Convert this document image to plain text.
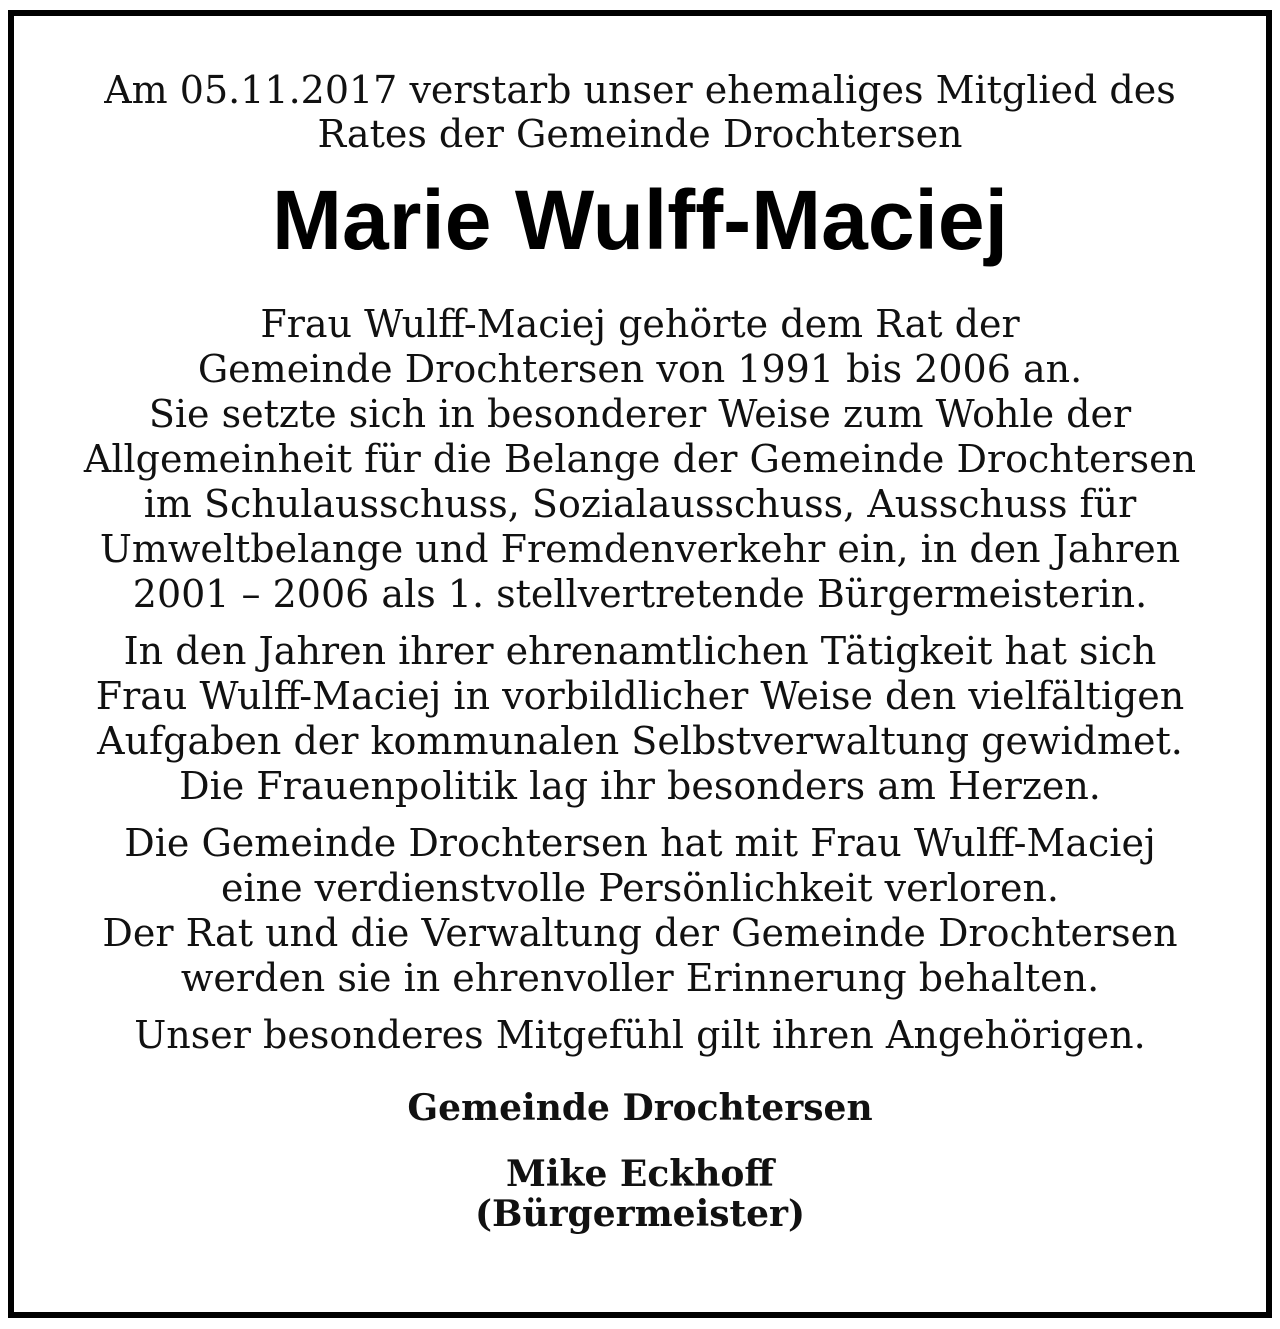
Am 05.11.2017 verstarb unser ehemaliges Mitglied des
Rates der Gemeinde Drochtersen
Marie Wulff-Maciej
Frau Wulff-Maciej gehörte dem Rat der
Gemeinde Drochtersen von 1991 bis 2006 an.
Sie setzte sich in besonderer Weise zum Wohle der
Allgemeinheit für die Belange der Gemeinde Drochtersen
im Schulausschuss, Sozialausschuss, Ausschuss für
Umweltbelange und Fremdenverkehr ein, in den Jahren
2001 – 2006 als 1. stellvertretende Bürgermeisterin.
In den Jahren ihrer ehrenamtlichen Tätigkeit hat sich
Frau Wulff-Maciej in vorbildlicher Weise den vielfältigen
Aufgaben der kommunalen Selbstverwaltung gewidmet.
Die Frauenpolitik lag ihr besonders am Herzen.
Die Gemeinde Drochtersen hat mit Frau Wulff-Maciej
eine verdienstvolle Persönlichkeit verloren.
Der Rat und die Verwaltung der Gemeinde Drochtersen
werden sie in ehrenvoller Erinnerung behalten.
Unser besonderes Mitgefühl gilt ihren Angehörigen.
Gemeinde Drochtersen
Mike Eckhoff
(Bürgermeister)
